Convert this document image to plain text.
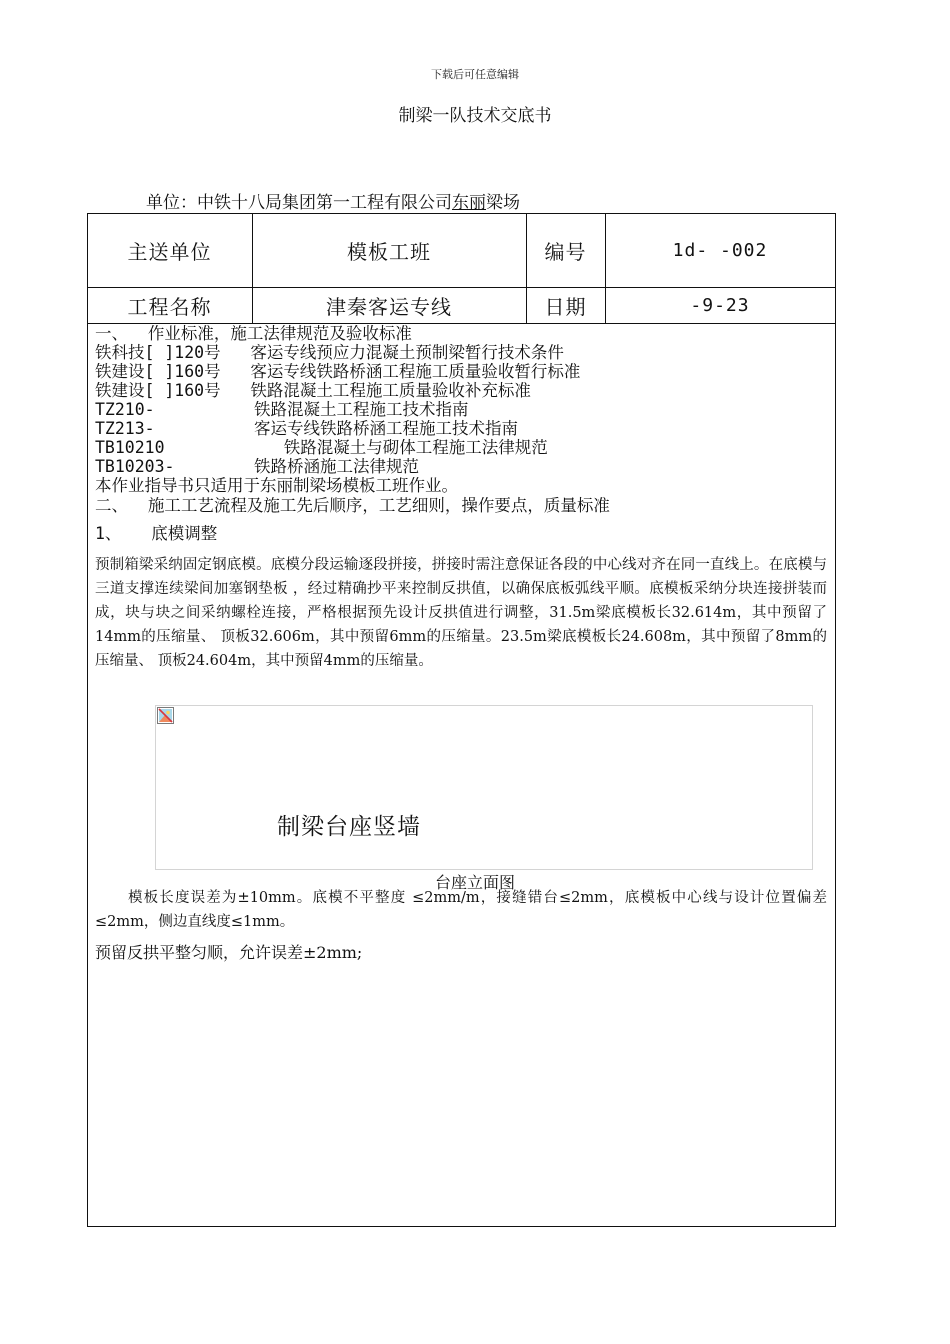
下载后可任意编辑
制梁一队技术交底书
单位：中铁十八局集团第一工程有限公司东丽梁场
主送单位	模板工班	编号	1d- -002
工程名称	津秦客运专线	日期	-9-23
一、  作业标准，施工法律规范及验收标准
铁科技[ ]120号   客运专线预应力混凝土预制梁暂行技术条件
铁建设[ ]160号   客运专线铁路桥涵工程施工质量验收暂行标准
铁建设[ ]160号   铁路混凝土工程施工质量验收补充标准
TZ210-          铁路混凝土工程施工技术指南
TZ213-          客运专线铁路桥涵工程施工技术指南
TB10210            铁路混凝土与砌体工程施工法律规范
TB10203-        铁路桥涵施工法律规范
本作业指导书只适用于东丽制梁场模板工班作业。
二、  施工工艺流程及施工先后顺序，工艺细则，操作要点，质量标准
1、   底模调整
预制箱梁采纳固定钢底模。底模分段运输逐段拼接，拼接时需注意保证各段的中心线对齐在同一直线上。在底模与三道支撑连续梁间加塞钢垫板 ，经过精确抄平来控制反拱值，以确保底板弧线平顺。底模板采纳分块连接拼装而成，块与块之间采纳螺栓连接，严格根据预先设计反拱值进行调整，31.5m梁底模板长32.614m，其中预留了14mm的压缩量、 顶板32.606m，其中预留6mm的压缩量。23.5m梁底模板长24.608m，其中预留了8mm的压缩量、 顶板24.604m，其中预留4mm的压缩量。
制梁台座竖墙
台座立面图
模板长度误差为±10mm。底模不平整度 ≤2mm/m，接缝错台≤2mm，底模板中心线与设计位置偏差≤2mm，侧边直线度≤1mm。
预留反拱平整匀顺，允许误差±2mm;
